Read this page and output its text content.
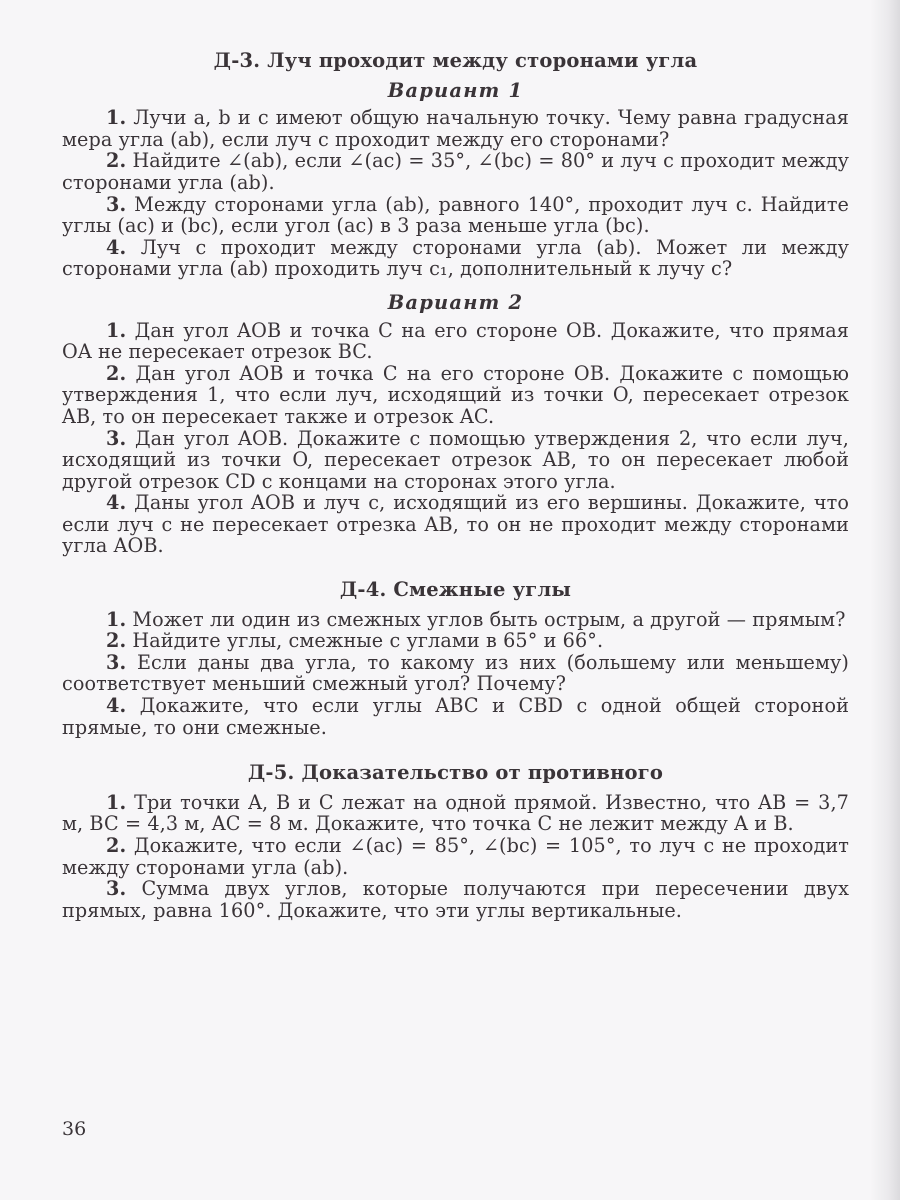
Д-3. Луч проходит между сторонами угла
Вариант 1

1. Лучи a, b и c имеют общую начальную точку. Чему равна градусная мера угла (ab), если луч c проходит между его сторонами?

2. Найдите ∠(ab), если ∠(ac) = 35°, ∠(bc) = 80° и луч c проходит между сторонами угла (ab).

3. Между сторонами угла (ab), равного 140°, проходит луч c. Найдите углы (ac) и (bc), если угол (ac) в 3 раза меньше угла (bc).

4. Луч c проходит между сторонами угла (ab). Может ли между сторонами угла (ab) проходить луч c₁, дополнительный к лучу c?

Вариант 2

1. Дан угол AOB и точка C на его стороне OB. Докажите, что прямая OA не пересекает отрезок BC.

2. Дан угол AOB и точка C на его стороне OB. Докажите с помощью утверждения 1, что если луч, исходящий из точки O, пересекает отрезок AB, то он пересекает также и отрезок AC.

3. Дан угол AOB. Докажите с помощью утверждения 2, что если луч, исходящий из точки O, пересекает отрезок AB, то он пересекает любой другой отрезок CD с концами на сторонах этого угла.

4. Даны угол AOB и луч c, исходящий из его вершины. Докажите, что если луч c не пересекает отрезка AB, то он не проходит между сторонами угла AOB.

Д-4. Смежные углы

1. Может ли один из смежных углов быть острым, а другой — прямым?

2. Найдите углы, смежные с углами в 65° и 66°.

3. Если даны два угла, то какому из них (большему или меньшему) соответствует меньший смежный угол? Почему?

4. Докажите, что если углы ABC и CBD с одной общей стороной прямые, то они смежные.

Д-5. Доказательство от противного

1. Три точки A, B и C лежат на одной прямой. Известно, что AB = 3,7 м, BC = 4,3 м, AC = 8 м. Докажите, что точка C не лежит между A и B.

2. Докажите, что если ∠(ac) = 85°, ∠(bc) = 105°, то луч c не проходит между сторонами угла (ab).

3. Сумма двух углов, которые получаются при пересечении двух прямых, равна 160°. Докажите, что эти углы вертикальные.

36
